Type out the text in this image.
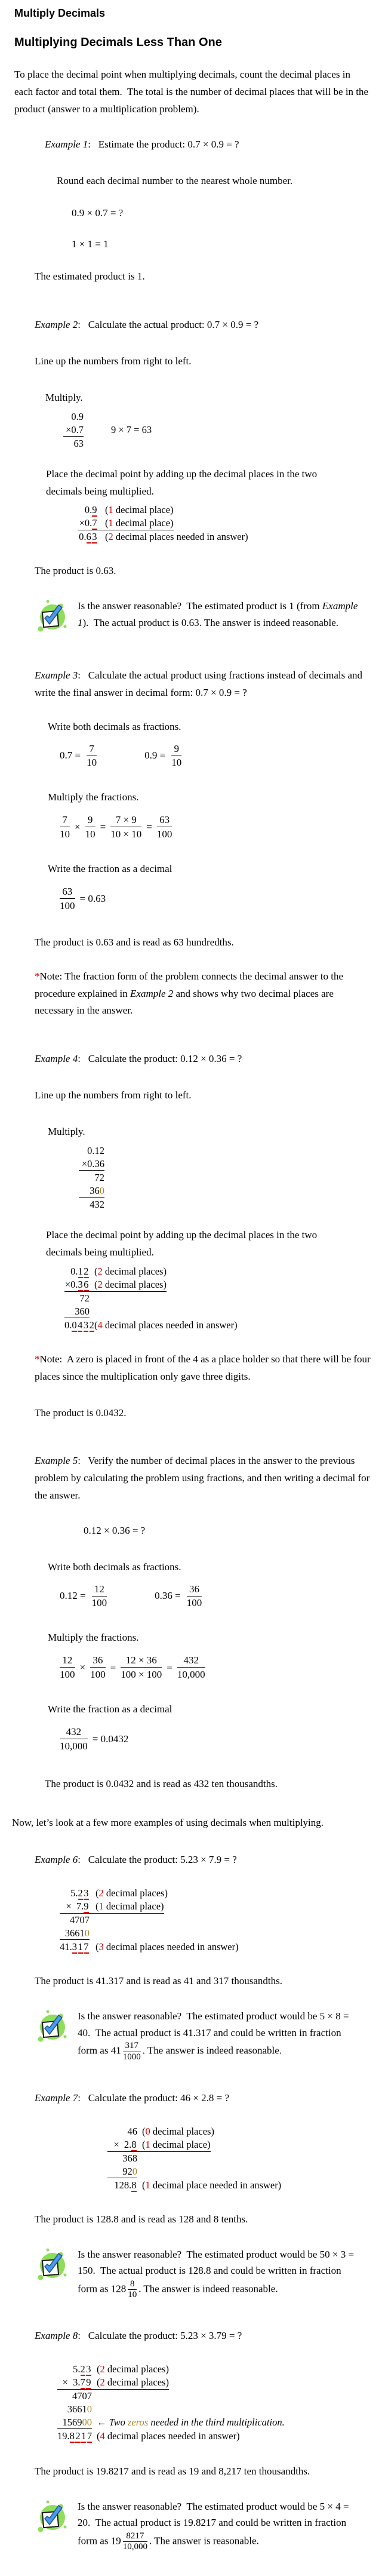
Multiply Decimals
Multiplying Decimals Less Than One
To place the decimal point when multiplying decimals, count the decimal places in each factor and total them.  The total is the number of decimal places that will be in the product (answer to a multiplication problem).
Example 1:   Estimate the product: 0.7 × 0.9 = ?
Round each decimal number to the nearest whole number.
0.9 × 0.7 = ?
1 × 1 = 1
The estimated product is 1.
Example 2:   Calculate the actual product: 0.7 × 0.9 = ?
Line up the numbers from right to left.
Multiply.
0.9
×0.7	9 × 7 = 63
63
Place the decimal point by adding up the decimal places in the two decimals being multiplied.
0.9 (1 decimal place)
×0.7 (1 decimal place)
0.63 (2 decimal places needed in answer)
The product is 0.63.
Is the answer reasonable?  The estimated product is 1 (from Example 1).  The actual product is 0.63. The answer is indeed reasonable.
Example 3:   Calculate the actual product using fractions instead of decimals and write the final answer in decimal form: 0.7 × 0.9 = ?
Write both decimals as fractions.
$0.7 = \frac{7}{10}$	$0.9 = \frac{9}{10}$
Multiply the fractions.
$\frac{7}{10} \times \frac{9}{10} = \frac{7 \times 9}{10 \times 10} = \frac{63}{100}$
Write the fraction as a decimal
$\frac{63}{100} = 0.63$
The product is 0.63 and is read as 63 hundredths.
*Note: The fraction form of the problem connects the decimal answer to the procedure explained in Example 2 and shows why two decimal places are necessary in the answer.
Example 4:   Calculate the product: 0.12 × 0.36 = ?
Line up the numbers from right to left.
Multiply.
0.12
×0.36
72
360
432
Place the decimal point by adding up the decimal places in the two decimals being multiplied.
0.12 (2 decimal places)
×0.36 (2 decimal places)
72
360
0.0432 (4 decimal places needed in answer)
*Note:  A zero is placed in front of the 4 as a place holder so that there will be four places since the multiplication only gave three digits.
The product is 0.0432.
Example 5:   Verify the number of decimal places in the answer to the previous problem by calculating the problem using fractions, and then writing a decimal for the answer.
0.12 × 0.36 = ?
Write both decimals as fractions.
$0.12 = \frac{12}{100}$	$0.36 = \frac{36}{100}$
Multiply the fractions.
$\frac{12}{100} \times \frac{36}{100} = \frac{12 \times 36}{100 \times 100} = \frac{432}{10,000}$
Write the fraction as a decimal
$\frac{432}{10,000} = 0.0432$
The product is 0.0432 and is read as 432 ten thousandths.
Now, let’s look at a few more examples of using decimals when multiplying.
Example 6:   Calculate the product: 5.23 × 7.9 = ?
5.23 (2 decimal places)
×  7.9 (1 decimal place)
4707
36610
41.317 (3 decimal places needed in answer)
The product is 41.317 and is read as 41 and 317 thousandths.
Is the answer reasonable?  The estimated product would be 5 × 8 = 40.  The actual product is 41.317 and could be written in fraction form as $41 \frac{317}{1000}$ . The answer is indeed reasonable.
Example 7:   Calculate the product: 46 × 2.8 = ?
46 (0 decimal places)
×  2.8 (1 decimal place)
368
920
128.8 (1 decimal place needed in answer)
The product is 128.8 and is read as 128 and 8 tenths.
Is the answer reasonable?  The estimated product would be 50 × 3 = 150.  The actual product is 128.8 and could be written in fraction form as $128 \frac{8}{10}$ . The answer is indeed reasonable.
Example 8:   Calculate the product: 5.23 × 3.79 = ?
5.23 (2 decimal places)
×  3.79 (2 decimal places)
4707
36610
156900 ← Two zeros needed in the third multiplication.
19.8217 (4 decimal places needed in answer)
The product is 19.8217 and is read as 19 and 8,217 ten thousandths.
Is the answer reasonable?  The estimated product would be 5 × 4 = 20.  The actual product is 19.8217 and could be written in fraction form as $19 \frac{8217}{10,000}$ . The answer is reasonable.
